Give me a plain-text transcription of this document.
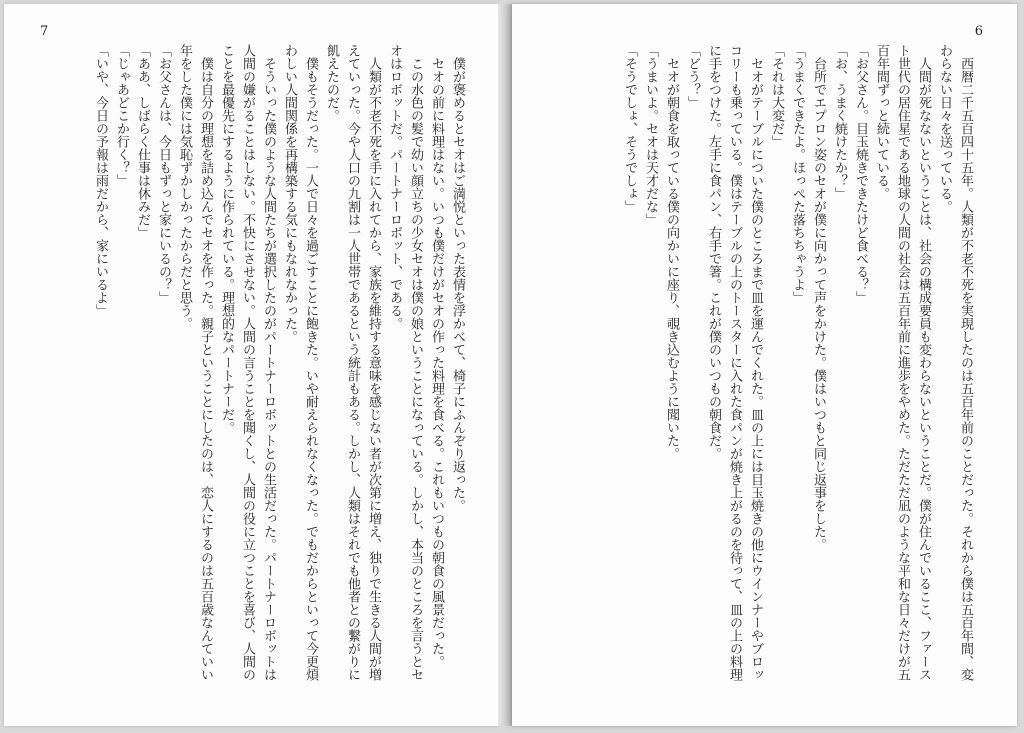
7

僕が褒めるとセオはご満悦といった表情を浮かべて、椅子にふんぞり返った。

セオの前に料理はない。いつも僕だけがセオの作った料理を食べる。これもいつもの朝食の風景だった。

この水色の髪で幼い顔立ちの少女セオは僕の娘ということになっている。しかし、本当のところを言うとセオはロボットだ。パートナーロボット、である。

人類が不老不死を手に入れてから、家族を維持する意味を感じない者が次第に増え、独りで生きる人間が増えていった。今や人口の九割は一人世帯であるという統計もある。しかし、人類はそれでも他者との繋がりに飢えたのだ。

僕もそうだった。一人で日々を過ごすことに飽きた。いや耐えられなくなった。でもだからといって今更煩わしい人間関係を再構築する気にもなれなかった。

そういった僕のような人間たちが選択したのがパートナーロボットとの生活だった。パートナーロボットは人間の嫌がることはしない。不快にさせない。人間の言うことを聞くし、人間の役に立つことを喜び、人間のことを最優先にするように作られている。理想的なパートナーだ。

僕は自分の理想を詰め込んでセオを作った。親子ということにしたのは、恋人にするのは五百歳なんていい年をした僕には気恥ずかしかったからだと思う。

「お父さんは、今日もずっと家にいるの？」

「ああ、しばらく仕事は休みだ」

「じゃあどこか行く？」

「いや、今日の予報は雨だから、家にいるよ」

6

西暦二千五百四十五年。人類が不老不死を実現したのは五百年前のことだった。それから僕は五百年間、変わらない日々を送っている。

人間が死なないということは、社会の構成要員も変わらないということだ。僕が住んでいるここ、ファースト世代の居住星である地球の人間の社会は五百年前に進歩をやめた。ただただ凪のような平和な日々だけが五百年間ずっと続いている。

「お父さん。目玉焼きできたけど食べる？」

「お、うまく焼けたか？」

台所でエプロン姿のセオが僕に向かって声をかけた。僕はいつもと同じ返事をした。

「うまくできたよ。ほっぺた落ちちゃうよ」

「それは大変だ」

セオがテーブルについた僕のところまで皿を運んでくれた。皿の上には目玉焼きの他にウインナーやブロッコリーも乗っている。僕はテーブルの上のトースターに入れた食パンが焼き上がるのを待って、皿の上の料理に手をつけた。左手に食パン、右手で箸。これが僕のいつもの朝食だ。

「どう？」

セオが朝食を取っている僕の向かいに座り、覗き込むように聞いた。

「うまいよ。セオは天才だな」

「そうでしょ、そうでしょ」
